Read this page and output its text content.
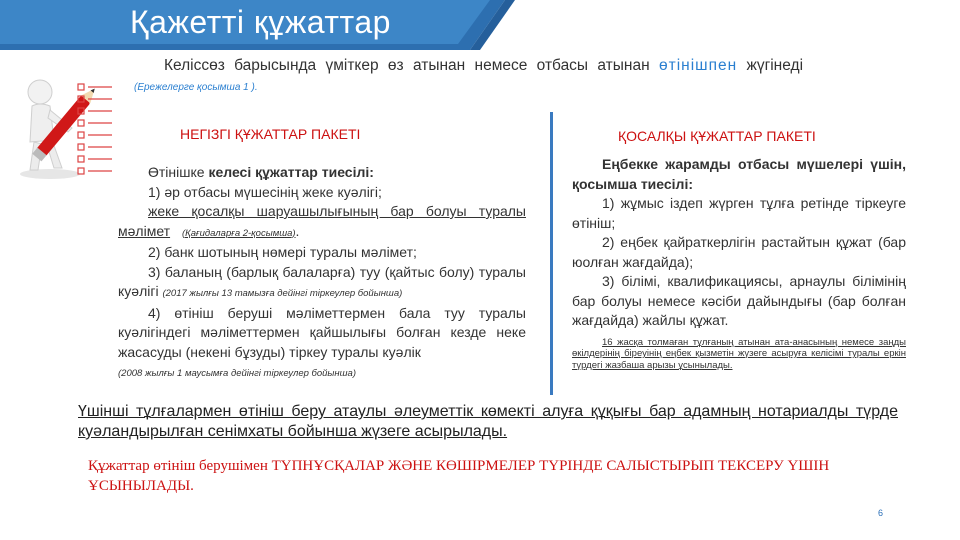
Қажетті құжаттар
Келіссөз барысында үміткер өз атынан немесе отбасы атынан өтінішпен жүгінеді
(Ережелерге қосымша 1 ).
НЕГІЗГІ ҚҰЖАТТАР ПАКЕТІ	ҚОСАЛҚЫ ҚҰЖАТТАР ПАКЕТІ

Өтінішке келесі құжаттар тиесілі:

1) әр отбасы мүшесінің жеке куәлігі;

жеке қосалқы шаруашылығының бар болуы туралы мәлімет (Қағидаларға 2-қосымша).

2) банк шотының нөмері туралы мәлімет;

3) баланың (барлық балаларға) туу (қайтыс болу) туралы куәлігі (2017 жылғы 13 тамызға дейінгі тіркеулер бойынша)

4) өтініш беруші мәліметтермен бала туу туралы куәлігіндегі мәліметтермен қайшылығы болған кезде неке жасасуды (некені бұзуды) тіркеу туралы куәлік

(2008 жылғы 1 маусымға дейінгі тіркеулер бойынша)

Еңбекке жарамды отбасы мүшелері үшін, қосымша тиесілі:

1) жұмыс іздеп жүрген тұлға ретінде тіркеуге өтініш;

2) еңбек қайраткерлігін растайтын құжат (бар юолған жағдайда);

3) білімі, квалификациясы, арнаулы білімінің бар болуы немесе кәсіби дайындығы (бар болған жағдайда) жайлы құжат.

16 жасқа толмаған тұлғаның атынан ата-анасының немесе заңды өкілдерінің біреуінің еңбек қызметін жүзеге асыруға келісімі туралы еркін түрдегі жазбаша арызы ұсынылады.

Үшінші тұлғалармен өтініш беру атаулы әлеуметтік көмекті алуға құқығы бар адамның нотариалды түрде куәландырылған сенімхаты бойынша жүзеге асырылады.
Құжаттар өтініш берушімен ТҮПНҰСҚАЛАР ЖӘНЕ КӨШІРМЕЛЕР ТҮРІНДЕ САЛЫСТЫРЫП ТЕКСЕРУ ҮШІН ҰСЫНЫЛАДЫ.
6
